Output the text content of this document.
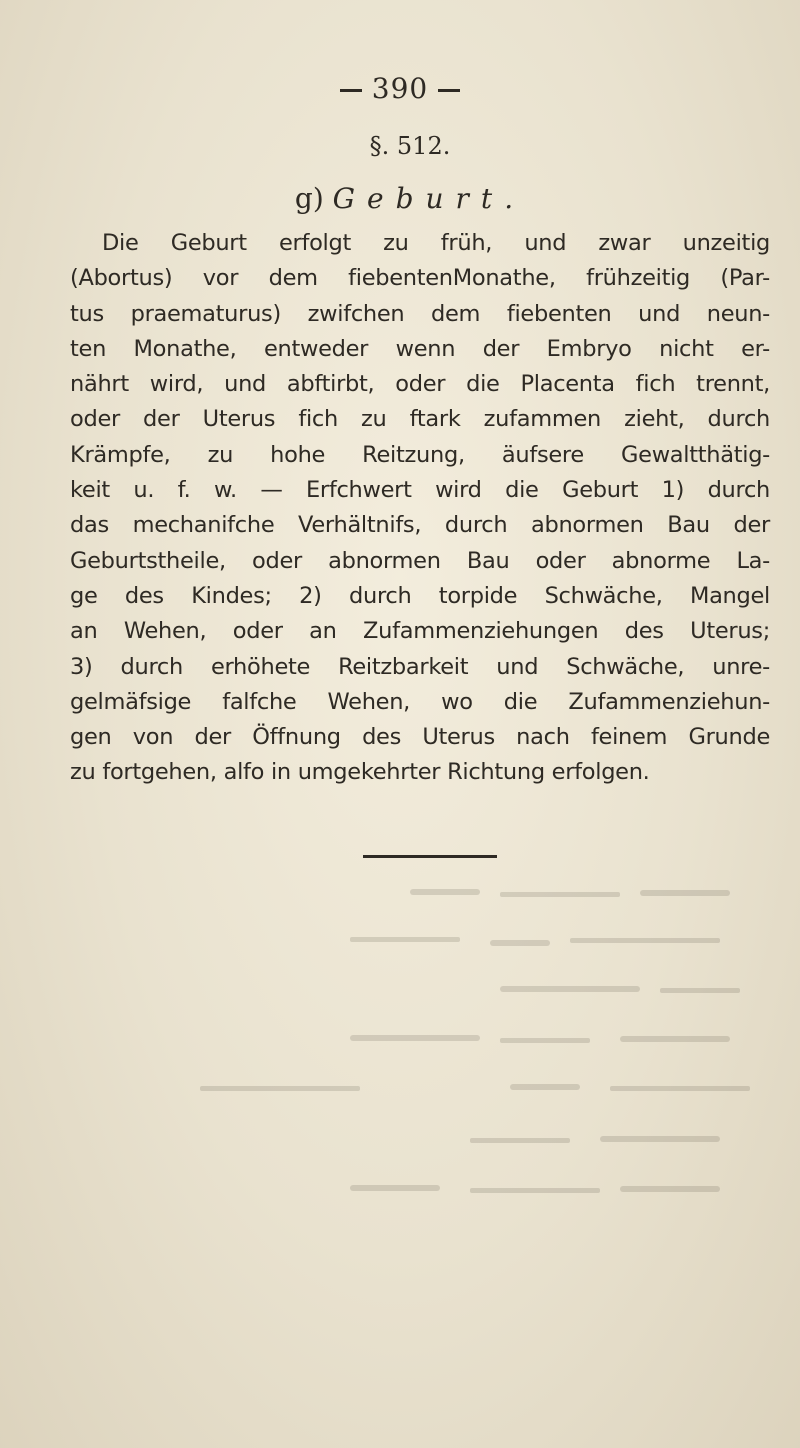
390
§. 512.
g) Geburt.
Die Geburt erfolgt zu früh, und zwar unzeitig
(Abortus) vor dem fiebentenMonathe, frühzeitig (Par-
tus praematurus) zwifchen dem fiebenten und neun-
ten Monathe, entweder wenn der Embryo nicht er-
nährt wird, und abftirbt, oder die Placenta fich trennt,
oder der Uterus fich zu ftark zufammen zieht, durch
Krämpfe, zu hohe Reitzung, äufsere Gewaltthätig-
keit u. f. w. — Erfchwert wird die Geburt 1) durch
das mechanifche Verhältnifs, durch abnormen Bau der
Geburtstheile, oder abnormen Bau oder abnorme La-
ge des Kindes; 2) durch torpide Schwäche, Mangel
an Wehen, oder an Zufammenziehungen des Uterus;
3) durch erhöhete Reitzbarkeit und Schwäche, unre-
gelmäfsige falfche Wehen, wo die Zufammenziehun-
gen von der Öffnung des Uterus nach feinem Grunde
zu fortgehen, alfo in umgekehrter Richtung erfolgen.
